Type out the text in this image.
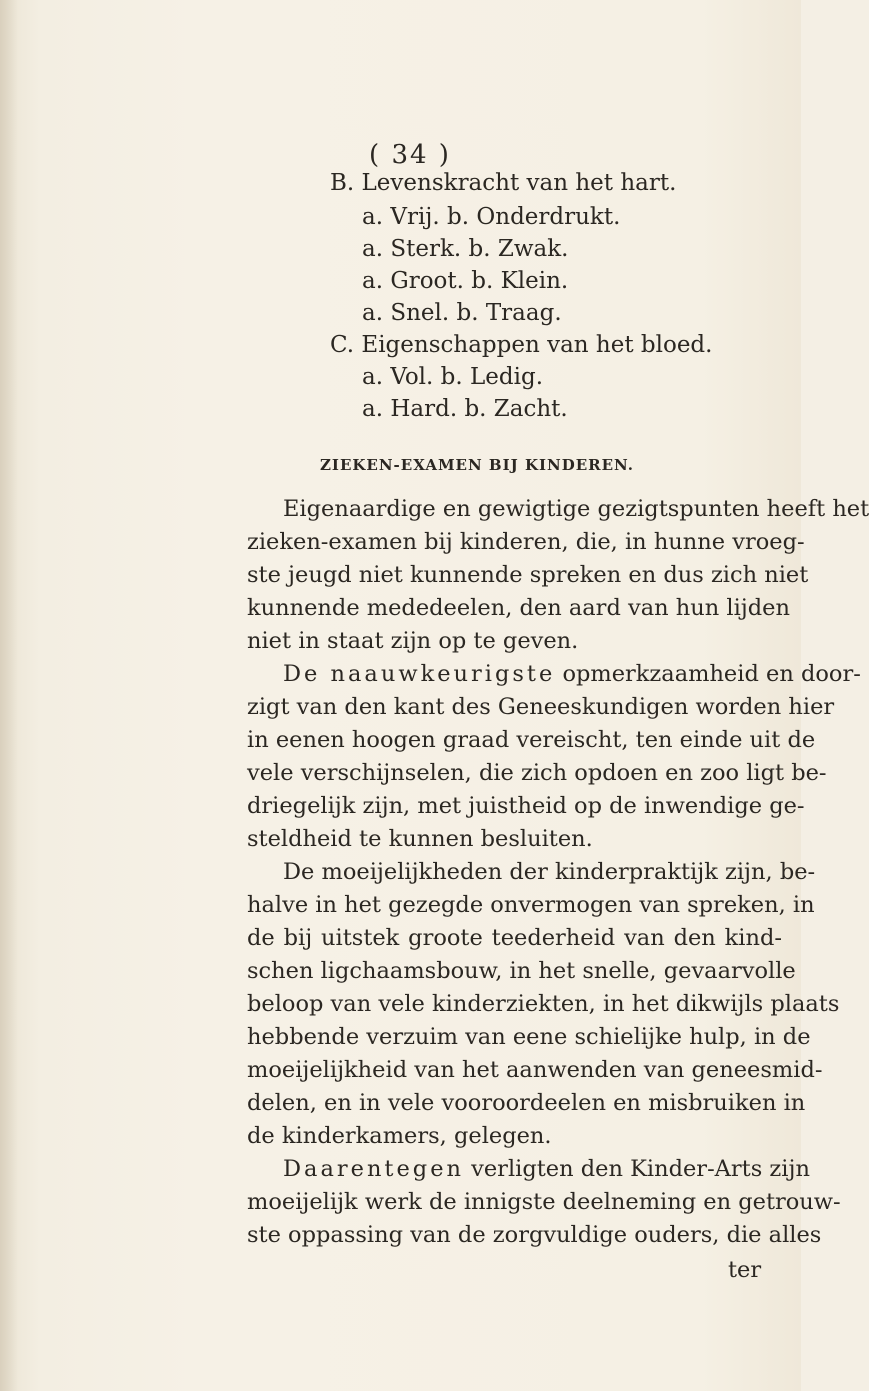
( 34 )
B. Levenskracht van het hart.
a. Vrij. b. Onderdrukt.
a. Sterk. b. Zwak.
a. Groot. b. Klein.
a. Snel. b. Traag.
C. Eigenschappen van het bloed.
a. Vol. b. Ledig.
a. Hard. b. Zacht.
ZIEKEN-EXAMEN BIJ KINDEREN.
Eigenaardige en gewigtige gezigtspunten heeft het
zieken-examen bij kinderen, die, in hunne vroeg-
ste jeugd niet kunnende spreken en dus zich niet
kunnende mededeelen, den aard van hun lijden
niet in staat zijn op te geven.
De naauwkeurigste opmerkzaamheid en door-
zigt van den kant des Geneeskundigen worden hier
in eenen hoogen graad vereischt, ten einde uit de
vele verschijnselen, die zich opdoen en zoo ligt be-
driegelijk zijn, met juistheid op de inwendige ge-
steldheid te kunnen besluiten.
De moeijelijkheden der kinderpraktijk zijn, be-
halve in het gezegde onvermogen van spreken, in
de bij uitstek groote teederheid van den kind-
schen ligchaamsbouw, in het snelle, gevaarvolle
beloop van vele kinderziekten, in het dikwijls plaats
hebbende verzuim van eene schielijke hulp, in de
moeijelijkheid van het aanwenden van geneesmid-
delen, en in vele vooroordeelen en misbruiken in
de kinderkamers, gelegen.
Daarentegen verligten den Kinder-Arts zijn
moeijelijk werk de innigste deelneming en getrouw-
ste oppassing van de zorgvuldige ouders, die alles
ter
